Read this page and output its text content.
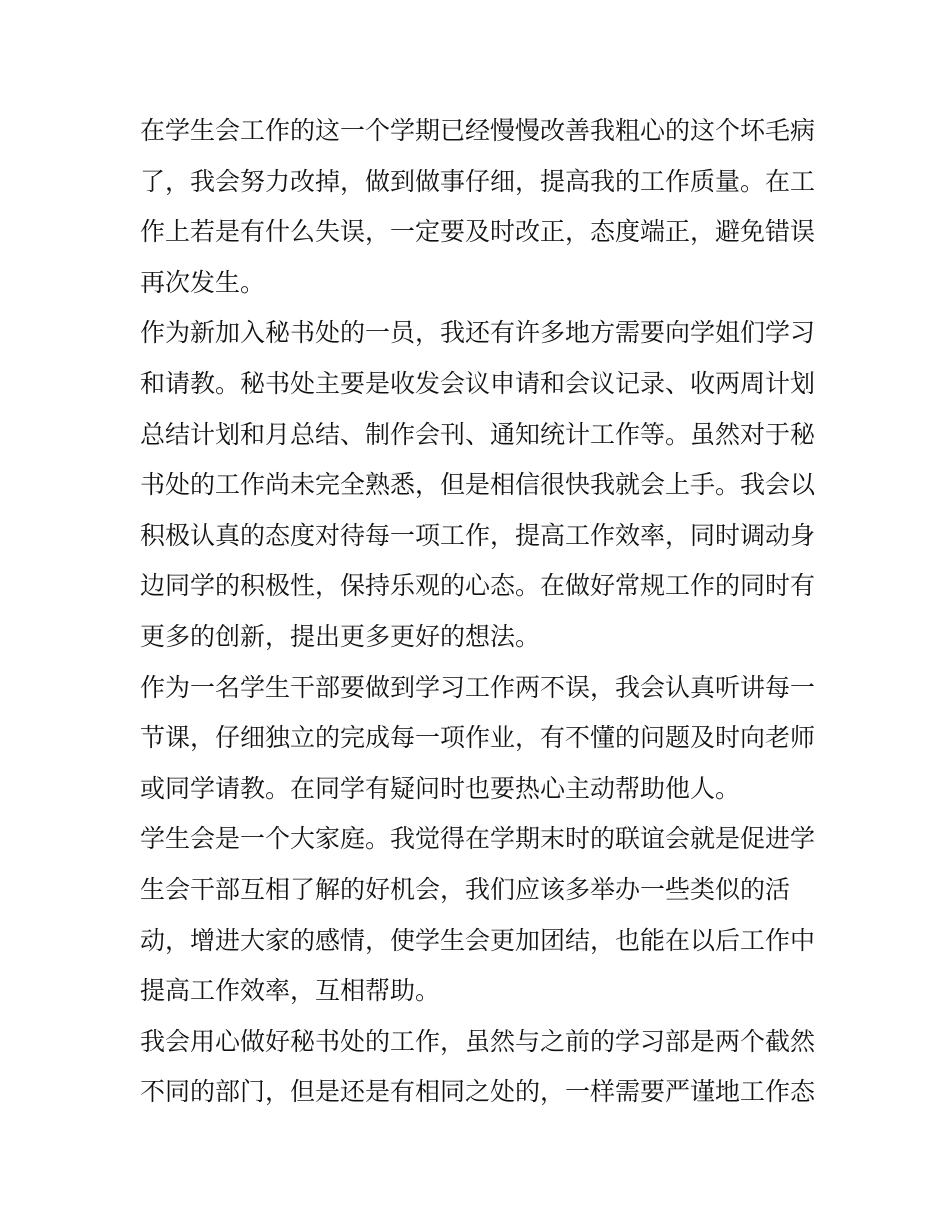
在学生会工作的这一个学期已经慢慢改善我粗心的这个坏毛病
了，我会努力改掉，做到做事仔细，提高我的工作质量。在工
作上若是有什么失误，一定要及时改正，态度端正，避免错误
再次发生。
作为新加入秘书处的一员，我还有许多地方需要向学姐们学习
和请教。秘书处主要是收发会议申请和会议记录、收两周计划
总结计划和月总结、制作会刊、通知统计工作等。虽然对于秘
书处的工作尚未完全熟悉，但是相信很快我就会上手。我会以
积极认真的态度对待每一项工作，提高工作效率，同时调动身
边同学的积极性，保持乐观的心态。在做好常规工作的同时有
更多的创新，提出更多更好的想法。
作为一名学生干部要做到学习工作两不误，我会认真听讲每一
节课，仔细独立的完成每一项作业，有不懂的问题及时向老师
或同学请教。在同学有疑问时也要热心主动帮助他人。
学生会是一个大家庭。我觉得在学期末时的联谊会就是促进学
生会干部互相了解的好机会，我们应该多举办一些类似的活
动，增进大家的感情，使学生会更加团结，也能在以后工作中
提高工作效率，互相帮助。
我会用心做好秘书处的工作，虽然与之前的学习部是两个截然
不同的部门，但是还是有相同之处的，一样需要严谨地工作态
